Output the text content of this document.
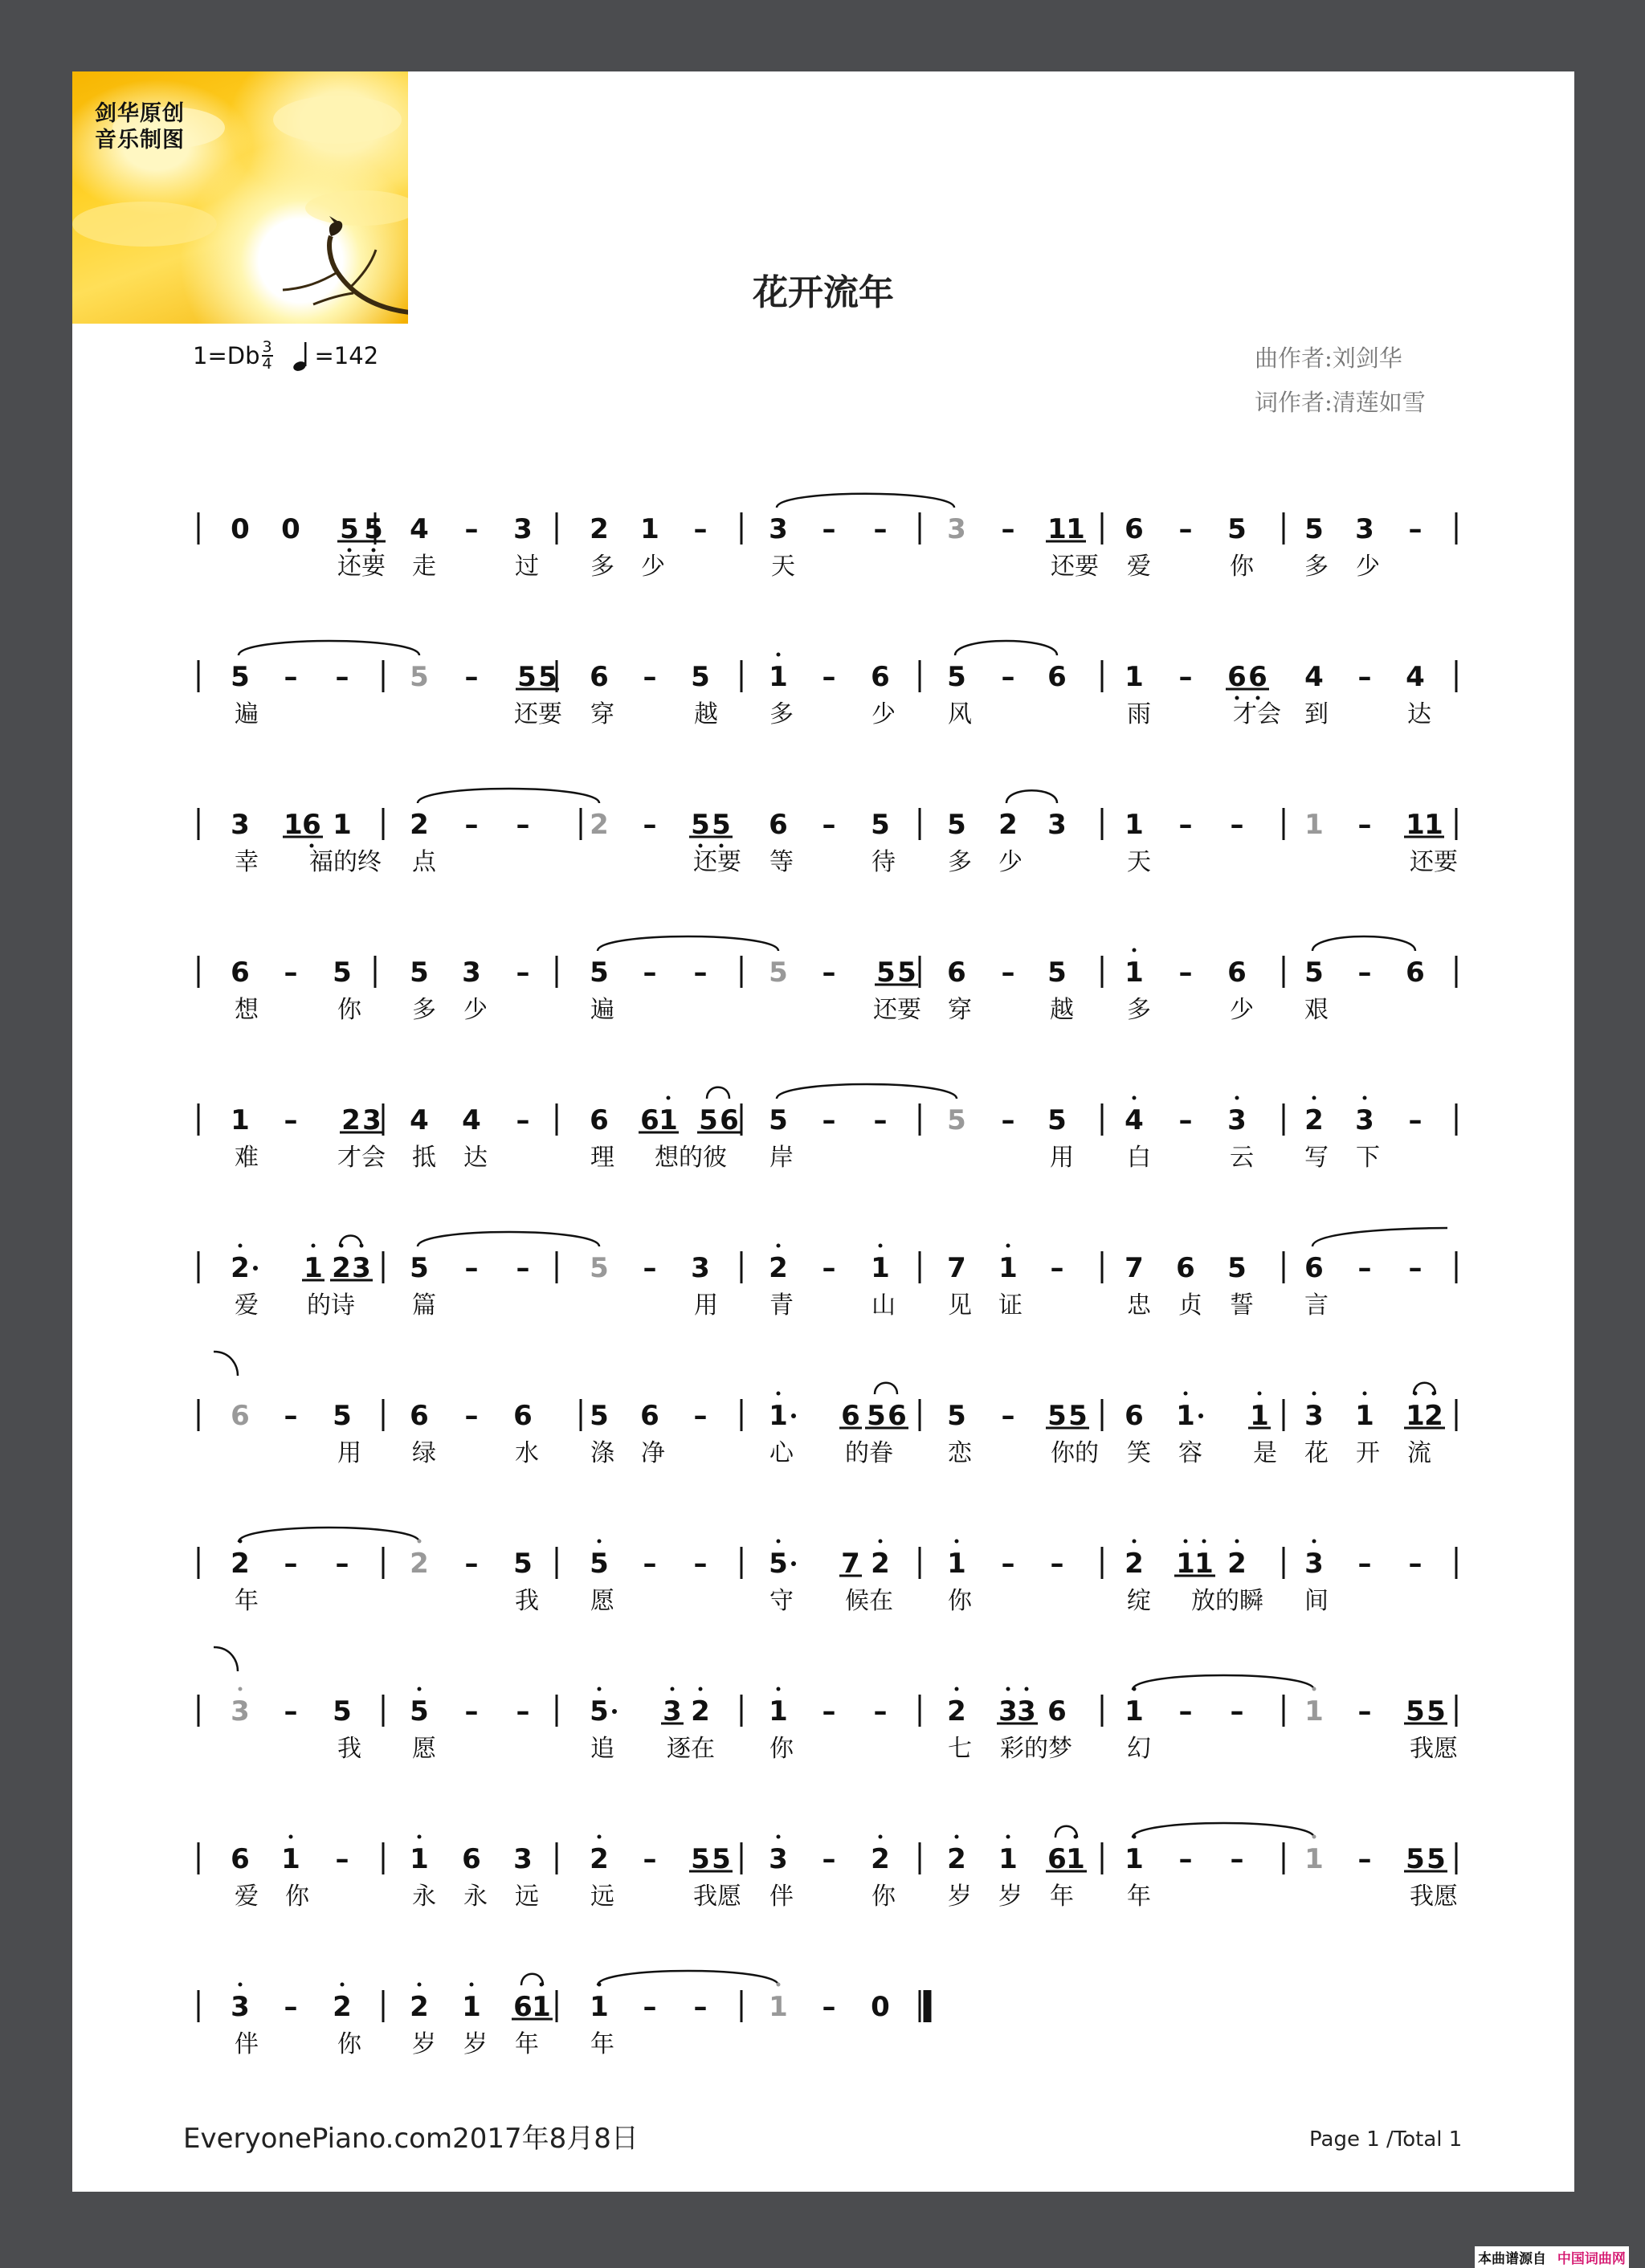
剑华原创
音乐制图

花开流年
$1=Db \frac{3}{4} =142$	曲作者: 刘剑华
词作者: 清莲如雪
0 0 5 5 4 – 3 2 1 – 3 – – 3 – 1 1 6 – 5 5 3 –
5 – – 5 – 5 5 6 – 5 1 – 6 5 – 6 1 – 6 6 4 – 4
3 1 6 1 2 – – 2 – 5 5 6 – 5 5 2 3 1 – – 1 – 1 1
6 – 5 5 3 – 5 – – 5 – 5 5 6 – 5 1 – 6 5 – 6
1 – 2 3 4 4 – 6 6 1 5 6 5 – – 5 – 5 4 – 3 2 3 –
2 1 2 3 5 – – 5 – 3 2 – 1 7 1 – 7 6 5 6 – –
6 – 5 6 – 6 5 6 – 1 6 5 6 5 – 5 5 6 1 1 3 1 1 2
2 – – 2 – 5 5 – – 5 7 2 1 – – 2 1 1 2 3 – –
3 – 5 5 – – 5 3 2 1 – – 2 3 3 6 1 – – 1 – 5 5
6 1 – 1 6 3 2 – 5 5 3 – 2 2 1 6 1 1 – – 1 – 5 5
3 – 2 2 1 6 1 1 – – 1 – 0
还要 走	过 多 少	天	还要 爱	你 多 少
遍	还要 穿	越 多	少 风	雨	才会 到	达
幸 福的终 点	还要 等	待 多 少	天	还要
想	你 多 少	遍	还要 穿	越 多	少 艰
难	才会 抵 达	理 想的彼 岸	用 白	云 写 下
爱 的诗 篇	用 青	山 见 证	忠 贞 誓 言
用 绿	水 涤 净	心 的眷 恋	你的 笑 容 是 花 开 流
年	我 愿	守 候在 你	绽 放的瞬 间
我 愿	追 逐在 你	七 彩的梦 幻	我愿
爱 你	永 永 远 远	我愿 伴	你 岁 岁 年 年	我愿
伴	你 岁 岁 年 年
EveryonePiano.com2017年8月8日	Page 1 /Total 1
本曲谱源自 中国词曲网
